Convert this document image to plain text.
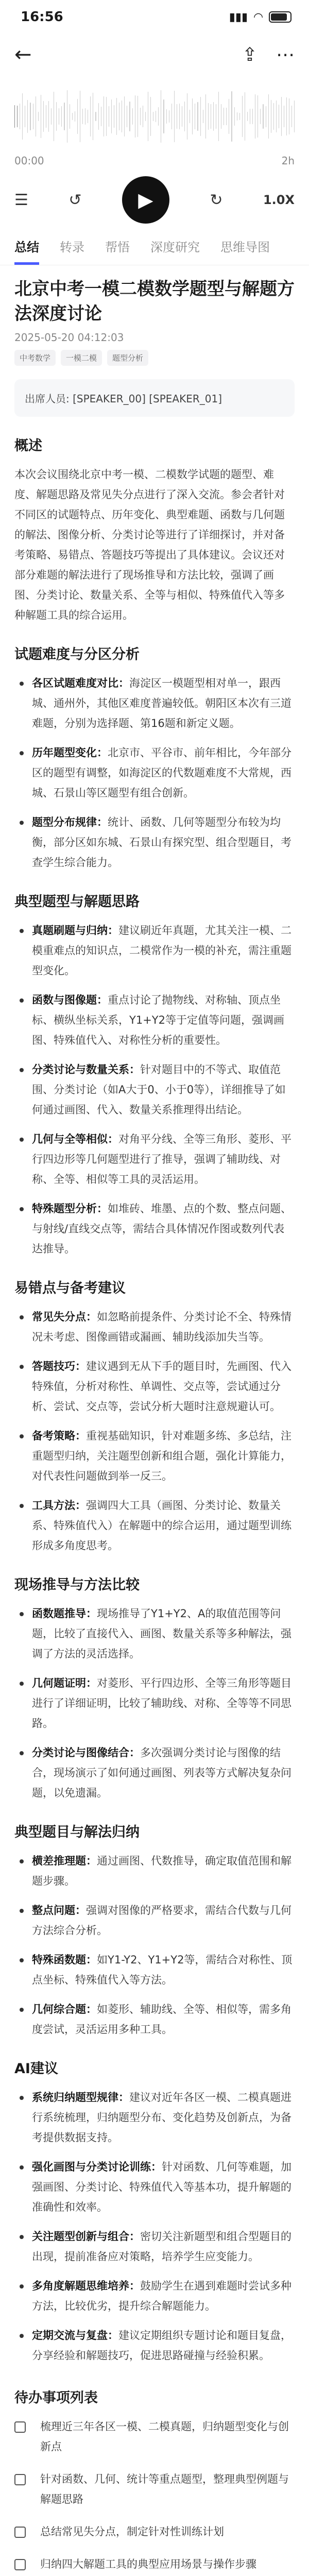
16:56	▮▮▮ ◠
←	⇪ ⋯
00:00	2h
☰	↺	▶	↻	1.0X
总结 转录 帮悟 深度研究 思维导图
北京中考一模二模数学题型与解题方法深度讨论
2025-05-20 04:12:03
中考数学	一模二模	题型分析
出席人员: [SPEAKER_00] [SPEAKER_01]
概述

本次会议围绕北京中考一模、二模数学试题的题型、难度、解题思路及常见失分点进行了深入交流。参会者针对不同区的试题特点、历年变化、典型难题、函数与几何题的解法、图像分析、分类讨论等进行了详细探讨，并对备考策略、易错点、答题技巧等提出了具体建议。会议还对部分难题的解法进行了现场推导和方法比较，强调了画图、分类讨论、数量关系、全等与相似、特殊值代入等多种解题工具的综合运用。

试题难度与分区分析
各区试题难度对比：海淀区一模题型相对单一，跟西城、通州外，其他区难度普遍较低。朝阳区本次有三道难题，分别为选择题、第16题和新定义题。
历年题型变化：北京市、平谷市、前年相比，今年部分区的题型有调整，如海淀区的代数题难度不大常规，西城、石景山等区题型有组合创新。
题型分布规律：统计、函数、几何等题型分布较为均衡，部分区如东城、石景山有探究型、组合型题目，考查学生综合能力。
典型题型与解题思路
真题刷题与归纳：建议刷近年真题，尤其关注一模、二模重难点的知识点，二模常作为一模的补充，需注重题型变化。
函数与图像题：重点讨论了抛物线、对称轴、顶点坐标、横纵坐标关系，Y1+Y2等于定值等问题，强调画图、特殊值代入、对称性分析的重要性。
分类讨论与数量关系：针对题目中的不等式、取值范围、分类讨论（如A大于0、小于0等），详细推导了如何通过画图、代入、数量关系推理得出结论。
几何与全等相似：对角平分线、全等三角形、菱形、平行四边形等几何题型进行了推导，强调了辅助线、对称、全等、相似等工具的灵活运用。
特殊题型分析：如堆砖、堆墨、点的个数、整点问题、与射线/直线交点等，需结合具体情况作图或数列代表达推导。
易错点与备考建议
常见失分点：如忽略前提条件、分类讨论不全、特殊情况未考虑、图像画错或漏画、辅助线添加失当等。
答题技巧：建议遇到无从下手的题目时，先画图、代入特殊值，分析对称性、单调性、交点等，尝试通过分析、尝试、交点等，尝试分析大题时注意规避认可。
备考策略：重视基础知识，针对难题多练、多总结，注重题型归纳，关注题型创新和组合题，强化计算能力，对代表性问题做到举一反三。
工具方法：强调四大工具（画图、分类讨论、数量关系、特殊值代入）在解题中的综合运用，通过题型训练形成多角度思考。
现场推导与方法比较
函数题推导：现场推导了Y1+Y2、A的取值范围等问题，比较了直接代入、画图、数量关系等多种解法，强调了方法的灵活选择。
几何题证明：对菱形、平行四边形、全等三角形等题目进行了详细证明，比较了辅助线、对称、全等等不同思路。
分类讨论与图像结合：多次强调分类讨论与图像的结合，现场演示了如何通过画图、列表等方式解决复杂问题，以免遗漏。
典型题目与解法归纳
横差推理题：通过画图、代数推导，确定取值范围和解题步骤。
整点问题：强调对图像的严格要求，需结合代数与几何方法综合分析。
特殊函数题：如Y1-Y2、Y1+Y2等，需结合对称性、顶点坐标、特殊值代入等方法。
几何综合题：如菱形、辅助线、全等、相似等，需多角度尝试，灵活运用多种工具。
AI建议
系统归纳题型规律：建议对近年各区一模、二模真题进行系统梳理，归纳题型分布、变化趋势及创新点，为备考提供数据支持。
强化画图与分类讨论训练：针对函数、几何等难题，加强画图、分类讨论、特殊值代入等基本功，提升解题的准确性和效率。
关注题型创新与组合：密切关注新题型和组合型题目的出现，提前准备应对策略，培养学生应变能力。
多角度解题思维培养：鼓励学生在遇到难题时尝试多种方法，比较优劣，提升综合解题能力。
定期交流与复盘：建议定期组织专题讨论和题目复盘，分享经验和解题技巧，促进思路碰撞与经验积累。
待办事项列表
梳理近三年各区一模、二模真题，归纳题型变化与创新点
针对函数、几何、统计等重点题型，整理典型例题与解题思路
总结常见失分点，制定针对性训练计划
归纳四大解题工具的典型应用场景与操作步骤
